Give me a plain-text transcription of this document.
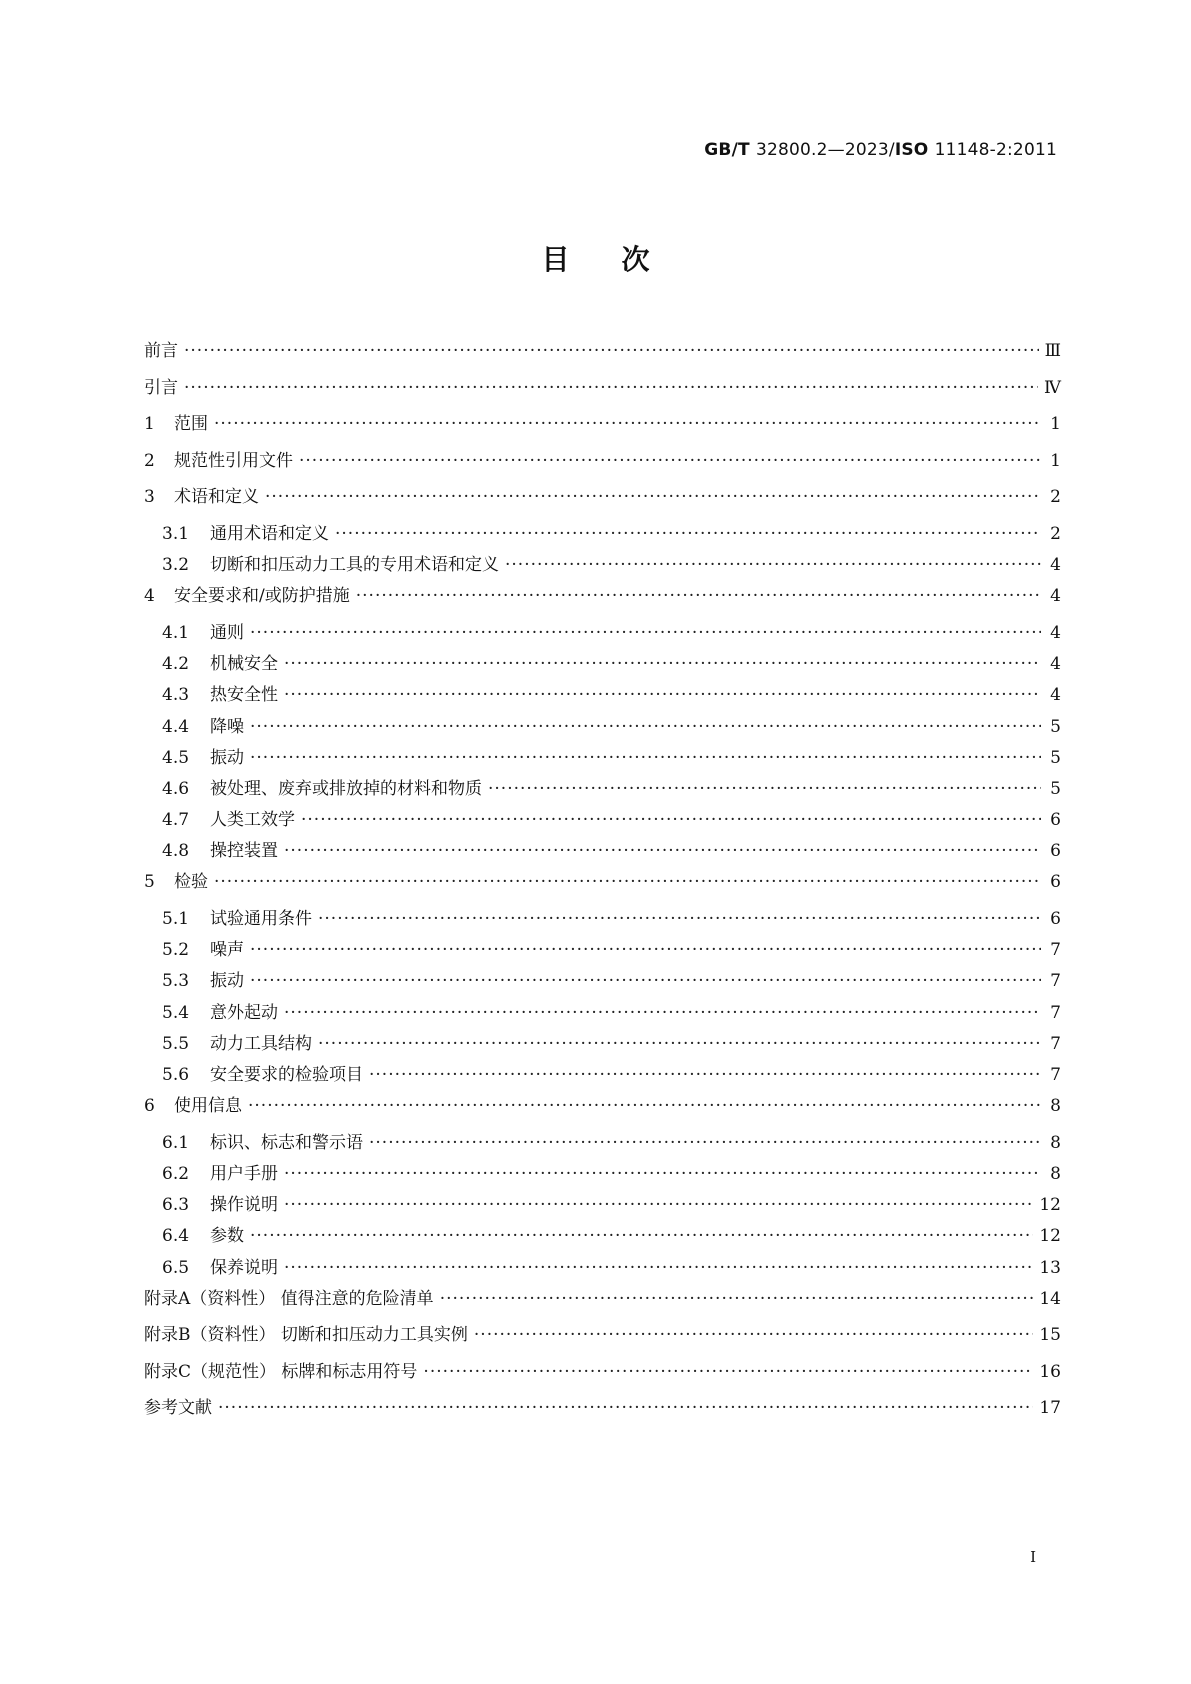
GB/T 32800.2—2023/ISO 11148-2:2011
目次
前言 ·····	Ⅲ
引言 ·····	Ⅳ
1	范围 ·····	1
2	规范性引用文件 ·····	1
3	术语和定义 ·····	2
3.1	通用术语和定义 ·····	2
3.2	切断和扣压动力工具的专用术语和定义 ·····	4
4	安全要求和/或防护措施 ·····	4
4.1	通则 ·····	4
4.2	机械安全 ·····	4
4.3	热安全性 ·····	4
4.4	降噪 ·····	5
4.5	振动 ·····	5
4.6	被处理、废弃或排放掉的材料和物质 ·····	5
4.7	人类工效学 ·····	6
4.8	操控装置 ·····	6
5	检验 ·····	6
5.1	试验通用条件 ·····	6
5.2	噪声 ·····	7
5.3	振动 ·····	7
5.4	意外起动 ·····	7
5.5	动力工具结构 ·····	7
5.6	安全要求的检验项目 ·····	7
6	使用信息 ·····	8
6.1	标识、标志和警示语 ·····	8
6.2	用户手册 ·····	8
6.3	操作说明 ·····	12
6.4	参数 ·····	12
6.5	保养说明 ·····	13
附录A（资料性） 值得注意的危险清单 ·····	14
附录B（资料性） 切断和扣压动力工具实例 ·····	15
附录C（规范性） 标牌和标志用符号 ·····	16
参考文献 ·····	17
Ⅰ
